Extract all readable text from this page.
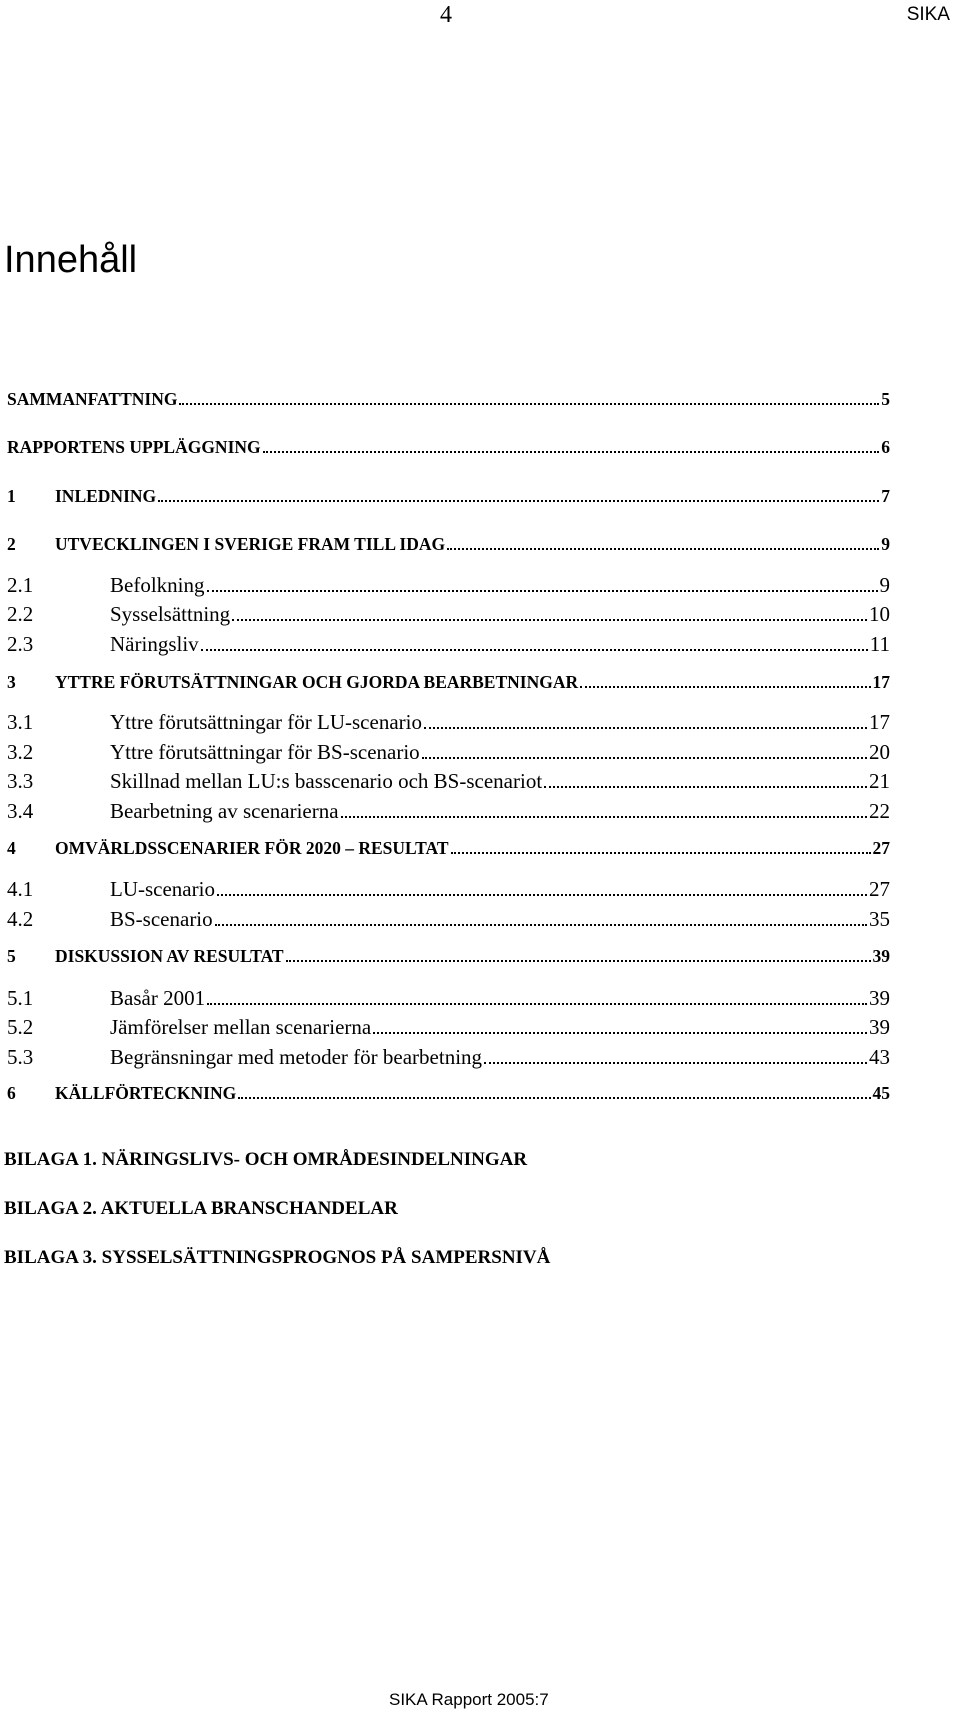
4	SIKA
Innehåll
SAMMANFATTNING	5
RAPPORTENS UPPLÄGGNING	6
1	INLEDNING	7
2	UTVECKLINGEN I SVERIGE FRAM TILL IDAG	9
2.1	Befolkning	9
2.2	Sysselsättning	10
2.3	Näringsliv	11
3	YTTRE FÖRUTSÄTTNINGAR OCH GJORDA BEARBETNINGAR	17
3.1	Yttre förutsättningar för LU-scenario	17
3.2	Yttre förutsättningar för BS-scenario	20
3.3	Skillnad mellan LU:s basscenario och BS-scenariot	21
3.4	Bearbetning av scenarierna	22
4	OMVÄRLDSSCENARIER FÖR 2020 – RESULTAT	27
4.1	LU-scenario	27
4.2	BS-scenario	35
5	DISKUSSION AV RESULTAT	39
5.1	Basår 2001	39
5.2	Jämförelser mellan scenarierna	39
5.3	Begränsningar med metoder för bearbetning	43
6	KÄLLFÖRTECKNING	45
BILAGA 1. NÄRINGSLIVS- OCH OMRÅDESINDELNINGAR
BILAGA 2. AKTUELLA BRANSCHANDELAR
BILAGA 3. SYSSELSÄTTNINGSPROGNOS PÅ SAMPERSNIVÅ
SIKA Rapport 2005:7
